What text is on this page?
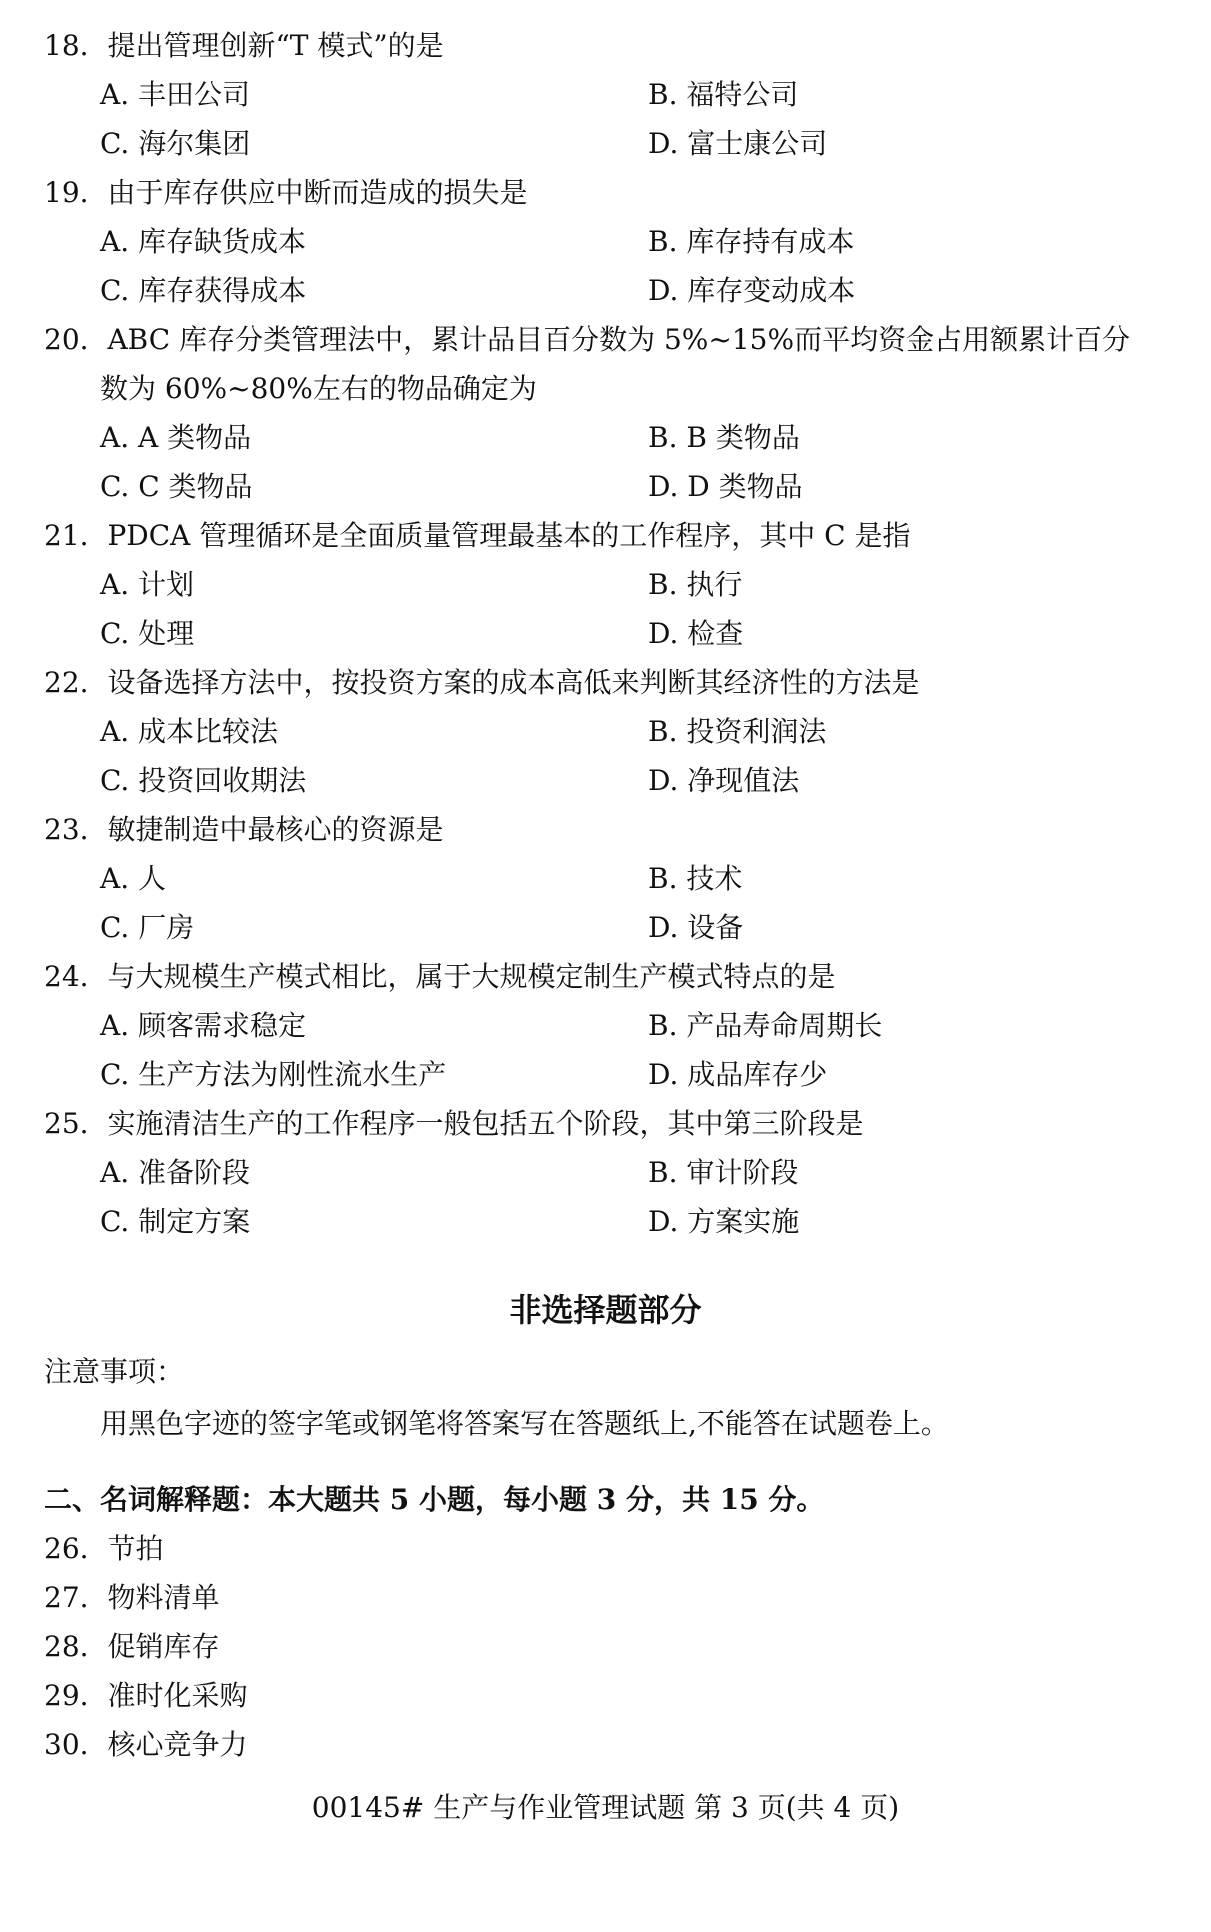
18. 提出管理创新“T 模式”的是
A. 丰田公司	B. 福特公司
C. 海尔集团	D. 富士康公司
19. 由于库存供应中断而造成的损失是
A. 库存缺货成本	B. 库存持有成本
C. 库存获得成本	D. 库存变动成本
20. ABC 库存分类管理法中，累计品目百分数为 5%~15%而平均资金占用额累计百分
数为 60%~80%左右的物品确定为
A. A 类物品	B. B 类物品
C. C 类物品	D. D 类物品
21. PDCA 管理循环是全面质量管理最基本的工作程序，其中 C 是指
A. 计划	B. 执行
C. 处理	D. 检查
22. 设备选择方法中，按投资方案的成本高低来判断其经济性的方法是
A. 成本比较法	B. 投资利润法
C. 投资回收期法	D. 净现值法
23. 敏捷制造中最核心的资源是
A. 人	B. 技术
C. 厂房	D. 设备
24. 与大规模生产模式相比，属于大规模定制生产模式特点的是
A. 顾客需求稳定	B. 产品寿命周期长
C. 生产方法为刚性流水生产	D. 成品库存少
25. 实施清洁生产的工作程序一般包括五个阶段，其中第三阶段是
A. 准备阶段	B. 审计阶段
C. 制定方案	D. 方案实施
非选择题部分
注意事项：
用黑色字迹的签字笔或钢笔将答案写在答题纸上,不能答在试题卷上。
二、名词解释题：本大题共 5 小题，每小题 3 分，共 15 分。
26. 节拍
27. 物料清单
28. 促销库存
29. 准时化采购
30. 核心竞争力
00145# 生产与作业管理试题 第 3 页(共 4 页)
